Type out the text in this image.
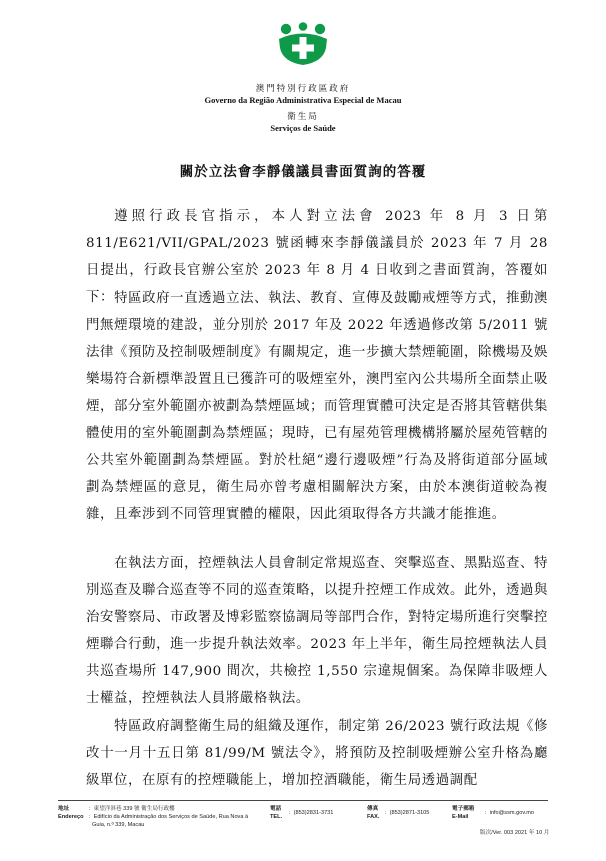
澳門特別行政區政府
Governo da Região Administrativa Especial de Macau
衛生局
Serviços de Saúde
關於立法會李靜儀議員書面質詢的答覆

遵照行政長官指示，本人對立法會 2023 年 8 月 3 日第 811/E621/VII/GPAL/2023 號函轉來李靜儀議員於 2023 年 7 月 28 日提出，行政長官辦公室於 2023 年 8 月 4 日收到之書面質詢，答覆如下： 特區政府一直透過立法、執法、教育、宣傳及鼓勵戒煙等方式，推動澳門無煙環境的建設，並分別於 2017 年及 2022 年透過修改第 5/2011 號法律《預防及控制吸煙制度》有關規定，進一步擴大禁煙範圍，除機場及娛樂場符合新標準設置且已獲許可的吸煙室外，澳門室內公共場所全面禁止吸煙，部分室外範圍亦被劃為禁煙區域；而管理實體可決定是否將其管轄供集體使用的室外範圍劃為禁煙區；現時，已有屋苑管理機構將屬於屋苑管轄的公共室外範圍劃為禁煙區。對於杜絕“邊行邊吸煙”行為及將街道部分區域劃為禁煙區的意見，衛生局亦曾考慮相關解決方案，由於本澳街道較為複雜，且牽涉到不同管理實體的權限，因此須取得各方共識才能推進。

在執法方面，控煙執法人員會制定常規巡查、突擊巡查、黑點巡查、特別巡查及聯合巡查等不同的巡查策略，以提升控煙工作成效。此外，透過與治安警察局、市政署及博彩監察協調局等部門合作，對特定場所進行突擊控煙聯合行動，進一步提升執法效率。2023 年上半年，衛生局控煙執法人員共巡查場所 147,900 間次，共檢控 1,550 宗違規個案。為保障非吸煙人士權益，控煙執法人員將嚴格執法。

特區政府調整衛生局的組織及運作，制定第 26/2023 號行政法規《修改十一月十五日第 81/99/M 號法令》，將預防及控制吸煙辦公室升格為廳級單位，在原有的控煙職能上，增加控酒職能，衛生局透過調配

地址
Endereço
：東望洋斜巷 339 號 衛生局行政樓
：Edifício da Administração dos Serviços de Saúde, Rua Nova à
Guia, n.º 339, Macau
電話
TEL.
：(853)2831-3731
傳真
FAX.
：(853)2871-3105
電子郵箱
E-Mail
：info@ssm.gov.mo
版次/Ver. 003 2021 年 10 月
